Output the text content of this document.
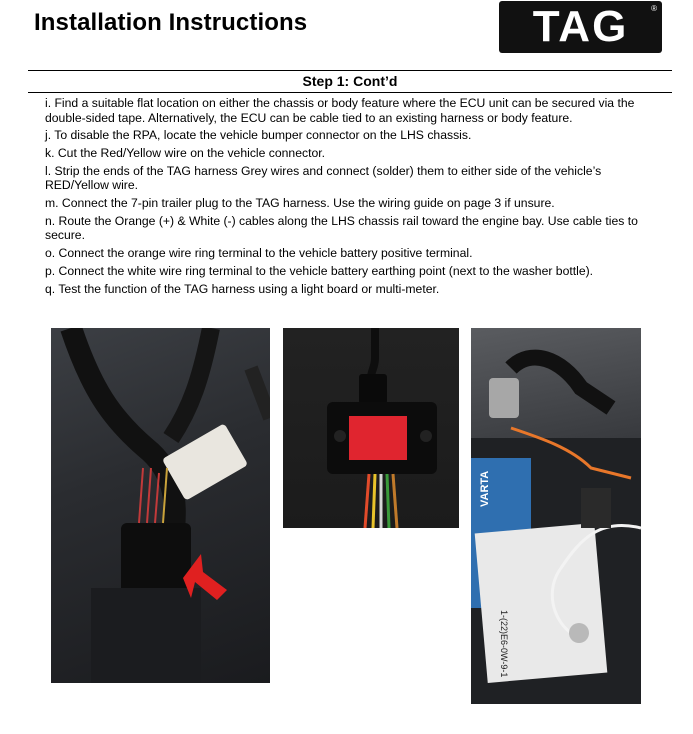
Installation Instructions	TAG	®
Step 1: Cont’d
i. Find a suitable flat location on either the chassis or body feature where the ECU unit can be secured via the double-sided tape. Alternatively, the ECU can be cable tied to an existing harness or body feature.
j. To disable the RPA, locate the vehicle bumper connector on the LHS chassis.
k. Cut the Red/Yellow wire on the vehicle connector.
l. Strip the ends of the TAG harness Grey wires and connect (solder) them to either side of the vehicle’s RED/Yellow wire.
m. Connect the 7-pin trailer plug to the TAG harness. Use the wiring guide on page 3 if unsure.
n. Route the Orange (+) & White (-) cables along the LHS chassis rail toward the engine bay. Use cable ties to secure.
o. Connect the orange wire ring terminal to the vehicle battery positive terminal.
p. Connect the white wire ring terminal to the vehicle battery earthing point (next to the washer bottle).
q. Test the function of the TAG harness using a light board or multi-meter.
VARTA
1-(22)E6-0W-9-1
